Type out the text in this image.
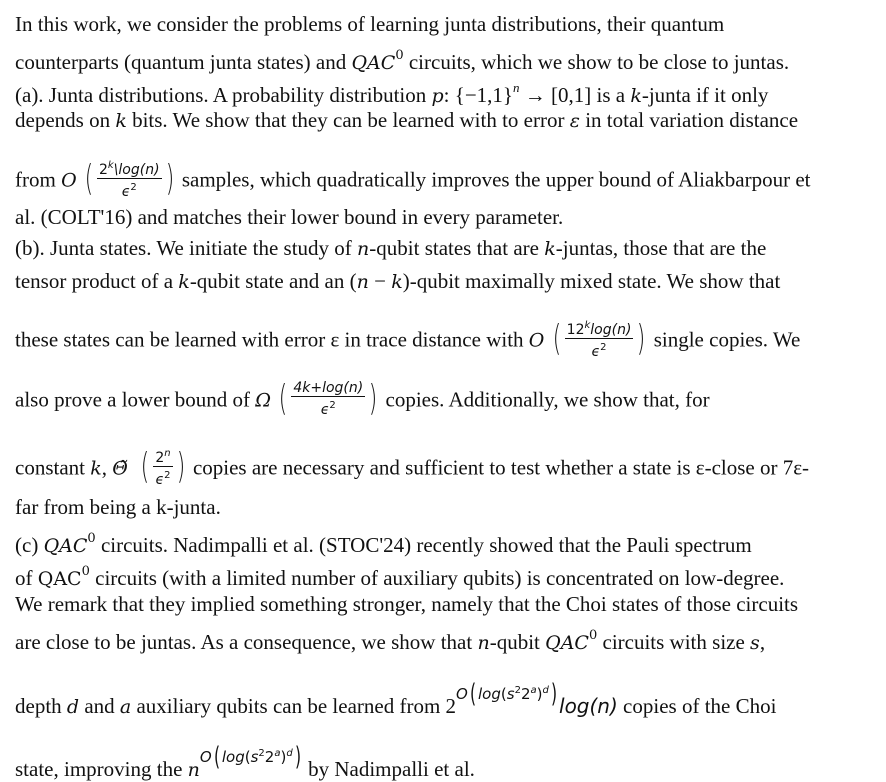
In this work, we consider the problems of learning junta distributions, their quantum
counterparts (quantum junta states) and QAC$^0$ circuits, which we show to be close to juntas.
(a). Junta distributions. A probability distribution p: $\{-1,1\}^n \to [0,1]$ is a k-junta if it only
depends on k bits. We show that they can be learned with to error ε in total variation distance
from O ( $\frac{2^k\backslash\log(n)}{\epsilon^2}$ ) samples, which quadratically improves the upper bound of Aliakbarpour et
al. (COLT'16) and matches their lower bound in every parameter.
(b). Junta states. We initiate the study of n-qubit states that are k-juntas, those that are the
tensor product of a k-qubit state and an (n − k)-qubit maximally mixed state. We show that
these states can be learned with error ε in trace distance with O ( $\frac{12^k\log(n)}{\epsilon^2}$ ) single copies. We
also prove a lower bound of Ω ( $\frac{4k+\log(n)}{\epsilon^2}$ ) copies. Additionally, we show that, for
constant k, Θ̃ ( $\frac{2^n}{\epsilon^2}$ ) copies are necessary and sufficient to test whether a state is ε-close or 7ε-
far from being a k-junta.
(c) QAC$^0$ circuits. Nadimpalli et al. (STOC'24) recently showed that the Pauli spectrum
of QAC$^0$ circuits (with a limited number of auxiliary qubits) is concentrated on low-degree.
We remark that they implied something stronger, namely that the Choi states of those circuits
are close to be juntas. As a consequence, we show that n-qubit QAC$^0$ circuits with size s,
depth d and a auxiliary qubits can be learned from 2O( $\log(s^22^a)^d$) log(n) copies of the Choi
state, improving the nO( $\log(s^22^a)^d$) by Nadimpalli et al.
